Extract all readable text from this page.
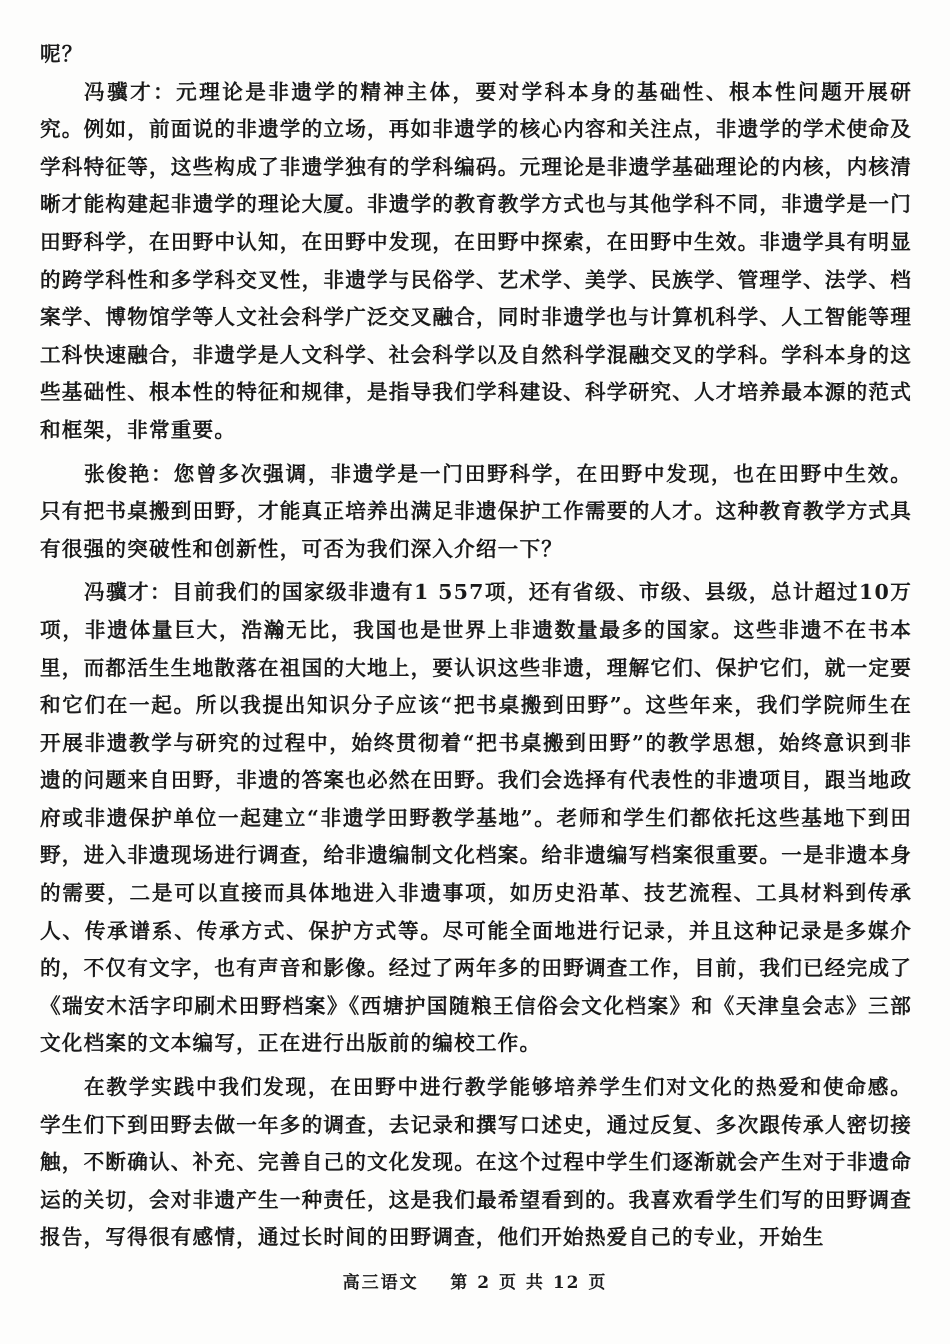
呢？

冯骥才：元理论是非遗学的精神主体，要对学科本身的基础性、根本性问题开展研究。例如，前面说的非遗学的立场，再如非遗学的核心内容和关注点，非遗学的学术使命及学科特征等，这些构成了非遗学独有的学科编码。元理论是非遗学基础理论的内核，内核清晰才能构建起非遗学的理论大厦。非遗学的教育教学方式也与其他学科不同，非遗学是一门田野科学，在田野中认知，在田野中发现，在田野中探索，在田野中生效。非遗学具有明显的跨学科性和多学科交叉性，非遗学与民俗学、艺术学、美学、民族学、管理学、法学、档案学、博物馆学等人文社会科学广泛交叉融合，同时非遗学也与计算机科学、人工智能等理工科快速融合，非遗学是人文科学、社会科学以及自然科学混融交叉的学科。学科本身的这些基础性、根本性的特征和规律，是指导我们学科建设、科学研究、人才培养最本源的范式和框架，非常重要。

张俊艳：您曾多次强调，非遗学是一门田野科学，在田野中发现，也在田野中生效。只有把书桌搬到田野，才能真正培养出满足非遗保护工作需要的人才。这种教育教学方式具有很强的突破性和创新性，可否为我们深入介绍一下？

冯骥才：目前我们的国家级非遗有1 557项，还有省级、市级、县级，总计超过10万项，非遗体量巨大，浩瀚无比，我国也是世界上非遗数量最多的国家。这些非遗不在书本里，而都活生生地散落在祖国的大地上，要认识这些非遗，理解它们、保护它们，就一定要和它们在一起。所以我提出知识分子应该“把书桌搬到田野”。这些年来，我们学院师生在开展非遗教学与研究的过程中，始终贯彻着“把书桌搬到田野”的教学思想，始终意识到非遗的问题来自田野，非遗的答案也必然在田野。我们会选择有代表性的非遗项目，跟当地政府或非遗保护单位一起建立“非遗学田野教学基地”。老师和学生们都依托这些基地下到田野，进入非遗现场进行调查，给非遗编制文化档案。给非遗编写档案很重要。一是非遗本身的需要，二是可以直接而具体地进入非遗事项，如历史沿革、技艺流程、工具材料到传承人、传承谱系、传承方式、保护方式等。尽可能全面地进行记录，并且这种记录是多媒介的，不仅有文字，也有声音和影像。经过了两年多的田野调查工作，目前，我们已经完成了《瑞安木活字印刷术田野档案》《西塘护国随粮王信俗会文化档案》和《天津皇会志》三部文化档案的文本编写，正在进行出版前的编校工作。

在教学实践中我们发现，在田野中进行教学能够培养学生们对文化的热爱和使命感。学生们下到田野去做一年多的调查，去记录和撰写口述史，通过反复、多次跟传承人密切接触，不断确认、补充、完善自己的文化发现。在这个过程中学生们逐渐就会产生对于非遗命运的关切，会对非遗产生一种责任，这是我们最希望看到的。我喜欢看学生们写的田野调查报告，写得很有感情，通过长时间的田野调查，他们开始热爱自己的专业，开始生

高三语文 第 2 页 共 12 页
